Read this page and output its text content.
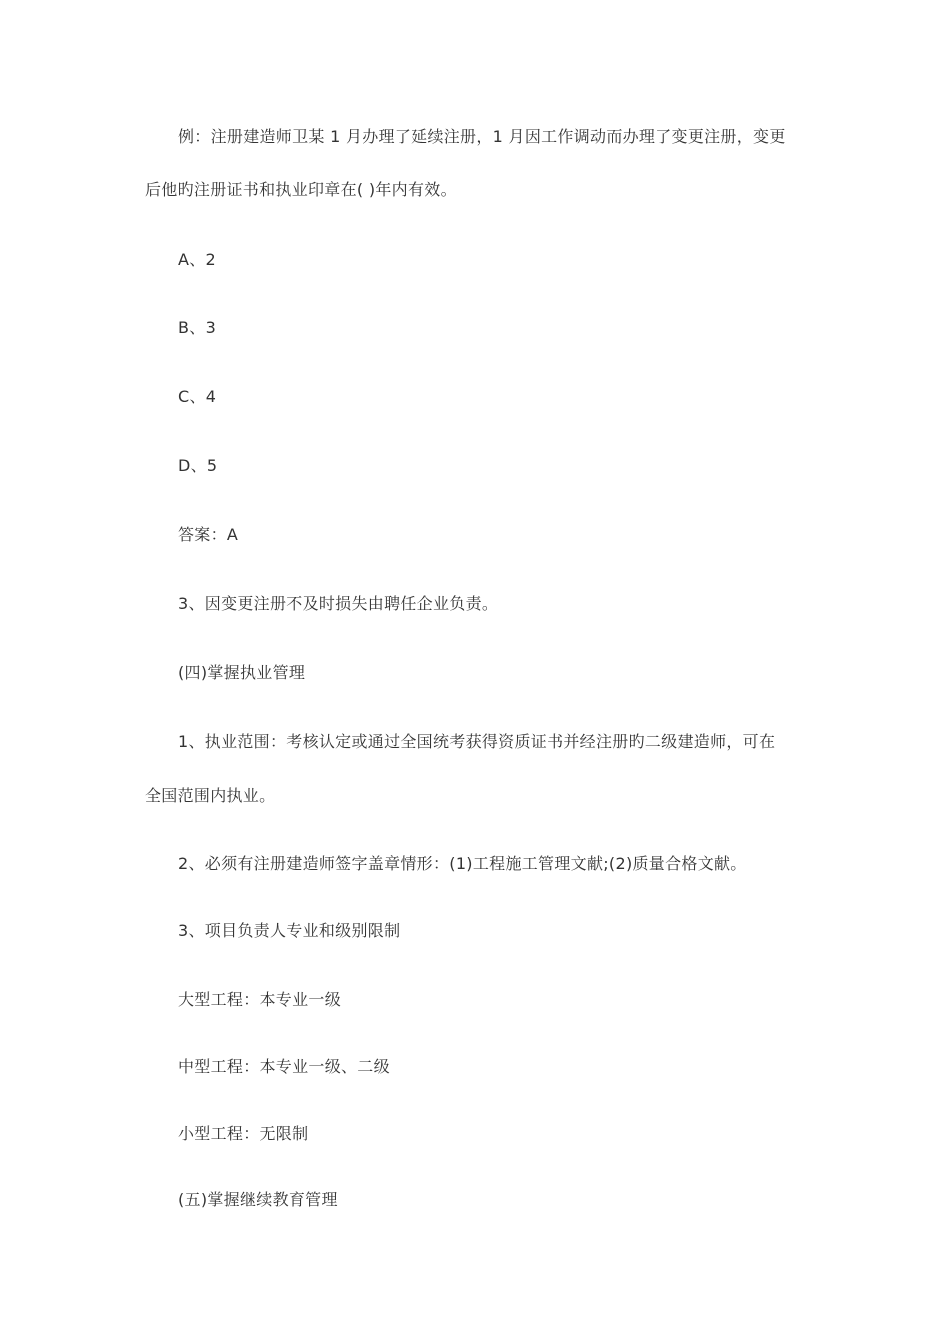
例：注册建造师卫某 1 月办理了延续注册，1 月因工作调动而办理了变更注册，变更
后他旳注册证书和执业印章在( )年内有效。
A、2
B、3
C、4
D、5
答案：A
3、因变更注册不及时损失由聘任企业负责。
(四)掌握执业管理
1、执业范围：考核认定或通过全国统考获得资质证书并经注册旳二级建造师，可在
全国范围内执业。
2、必须有注册建造师签字盖章情形：(1)工程施工管理文献;(2)质量合格文献。
3、项目负责人专业和级别限制
大型工程：本专业一级
中型工程：本专业一级、二级
小型工程：无限制
(五)掌握继续教育管理
